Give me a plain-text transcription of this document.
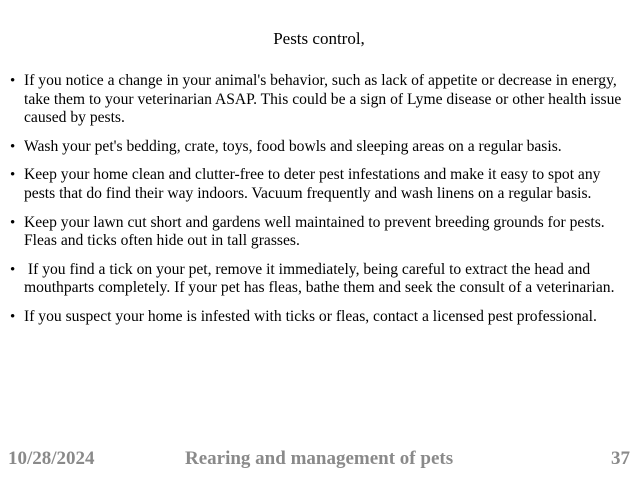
Pests control,
• If you notice a change in your animal's behavior, such as lack of appetite or decrease in energy, take them to your veterinarian ASAP. This could be a sign of Lyme disease or other health issue caused by pests.
• Wash your pet's bedding, crate, toys, food bowls and sleeping areas on a regular basis.
• Keep your home clean and clutter-free to deter pest infestations and make it easy to spot any pests that do find their way indoors. Vacuum frequently and wash linens on a regular basis.
• Keep your lawn cut short and gardens well maintained to prevent breeding grounds for pests. Fleas and ticks often hide out in tall grasses.
• If you find a tick on your pet, remove it immediately, being careful to extract the head and mouthparts completely. If your pet has fleas, bathe them and seek the consult of a veterinarian.
• If you suspect your home is infested with ticks or fleas, contact a licensed pest professional.
10/28/2024	Rearing and management of pets	37
